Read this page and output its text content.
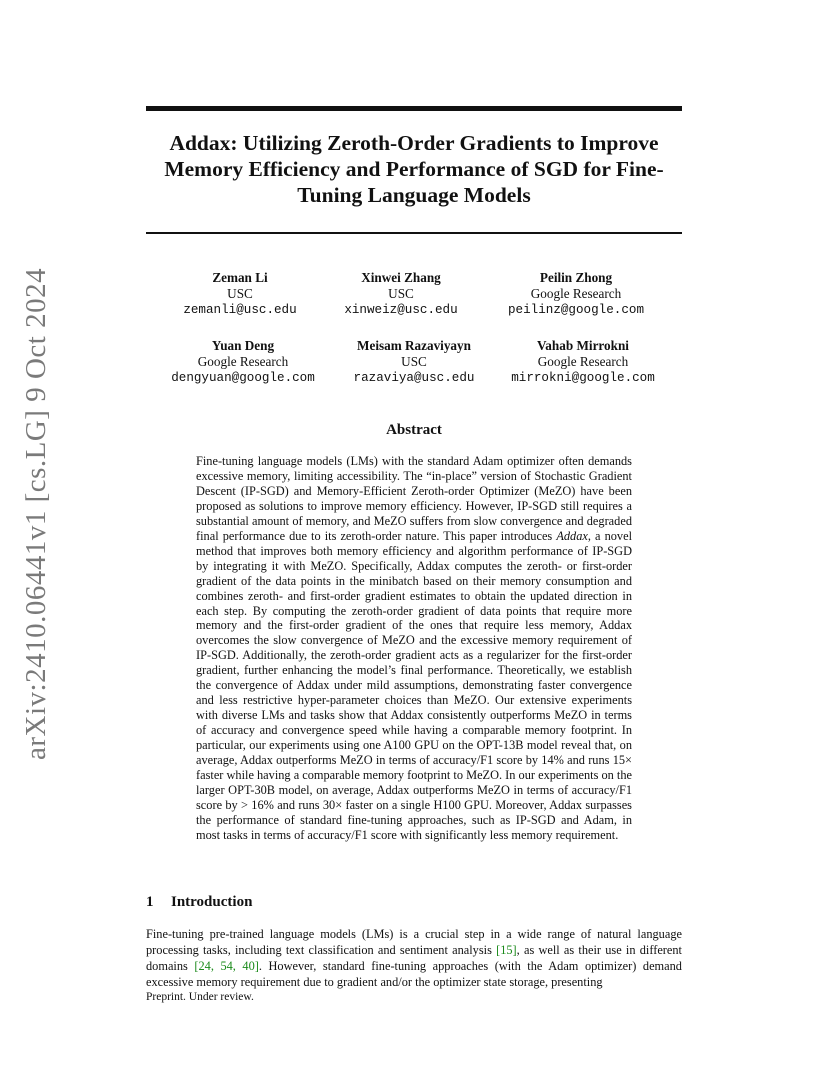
arXiv:2410.06441v1 [cs.LG] 9 Oct 2024
Addax: Utilizing Zeroth-Order Gradients to Improve Memory Efficiency and Performance of SGD for Fine-Tuning Language Models
Zeman Li
USC
zemanli@usc.edu
Xinwei Zhang
USC
xinweiz@usc.edu
Peilin Zhong
Google Research
peilinz@google.com
Yuan Deng
Google Research
dengyuan@google.com
Meisam Razaviyayn
USC
razaviya@usc.edu
Vahab Mirrokni
Google Research
mirrokni@google.com
Abstract

Fine-tuning language models (LMs) with the standard Adam optimizer often demands excessive memory, limiting accessibility. The “in-place” version of Stochastic Gradient Descent (IP-SGD) and Memory-Efficient Zeroth-order Optimizer (MeZO) have been proposed as solutions to improve memory efficiency. However, IP-SGD still requires a substantial amount of memory, and MeZO suffers from slow convergence and degraded final performance due to its zeroth-order nature. This paper introduces Addax, a novel method that improves both memory efficiency and algorithm performance of IP-SGD by integrating it with MeZO. Specifically, Addax computes the zeroth- or first-order gradient of the data points in the minibatch based on their memory consumption and combines zeroth- and first-order gradient estimates to obtain the updated direction in each step. By computing the zeroth-order gradient of data points that require more memory and the first-order gradient of the ones that require less memory, Addax overcomes the slow convergence of MeZO and the excessive memory requirement of IP-SGD. Additionally, the zeroth-order gradient acts as a regularizer for the first-order gradient, further enhancing the model’s final performance. Theoretically, we establish the convergence of Addax under mild assumptions, demonstrating faster convergence and less restrictive hyper-parameter choices than MeZO. Our extensive experiments with diverse LMs and tasks show that Addax consistently outperforms MeZO in terms of accuracy and convergence speed while having a comparable memory footprint. In particular, our experiments using one A100 GPU on the OPT-13B model reveal that, on average, Addax outperforms MeZO in terms of accuracy/F1 score by 14% and runs 15× faster while having a comparable memory footprint to MeZO. In our experiments on the larger OPT-30B model, on average, Addax outperforms MeZO in terms of accuracy/F1 score by > 16% and runs 30× faster on a single H100 GPU. Moreover, Addax surpasses the performance of standard fine-tuning approaches, such as IP-SGD and Adam, in most tasks in terms of accuracy/F1 score with significantly less memory requirement.

1 Introduction

Fine-tuning pre-trained language models (LMs) is a crucial step in a wide range of natural language processing tasks, including text classification and sentiment analysis [15], as well as their use in different domains [24, 54, 40]. However, standard fine-tuning approaches (with the Adam optimizer) demand excessive memory requirement due to gradient and/or the optimizer state storage, presenting

Preprint. Under review.
